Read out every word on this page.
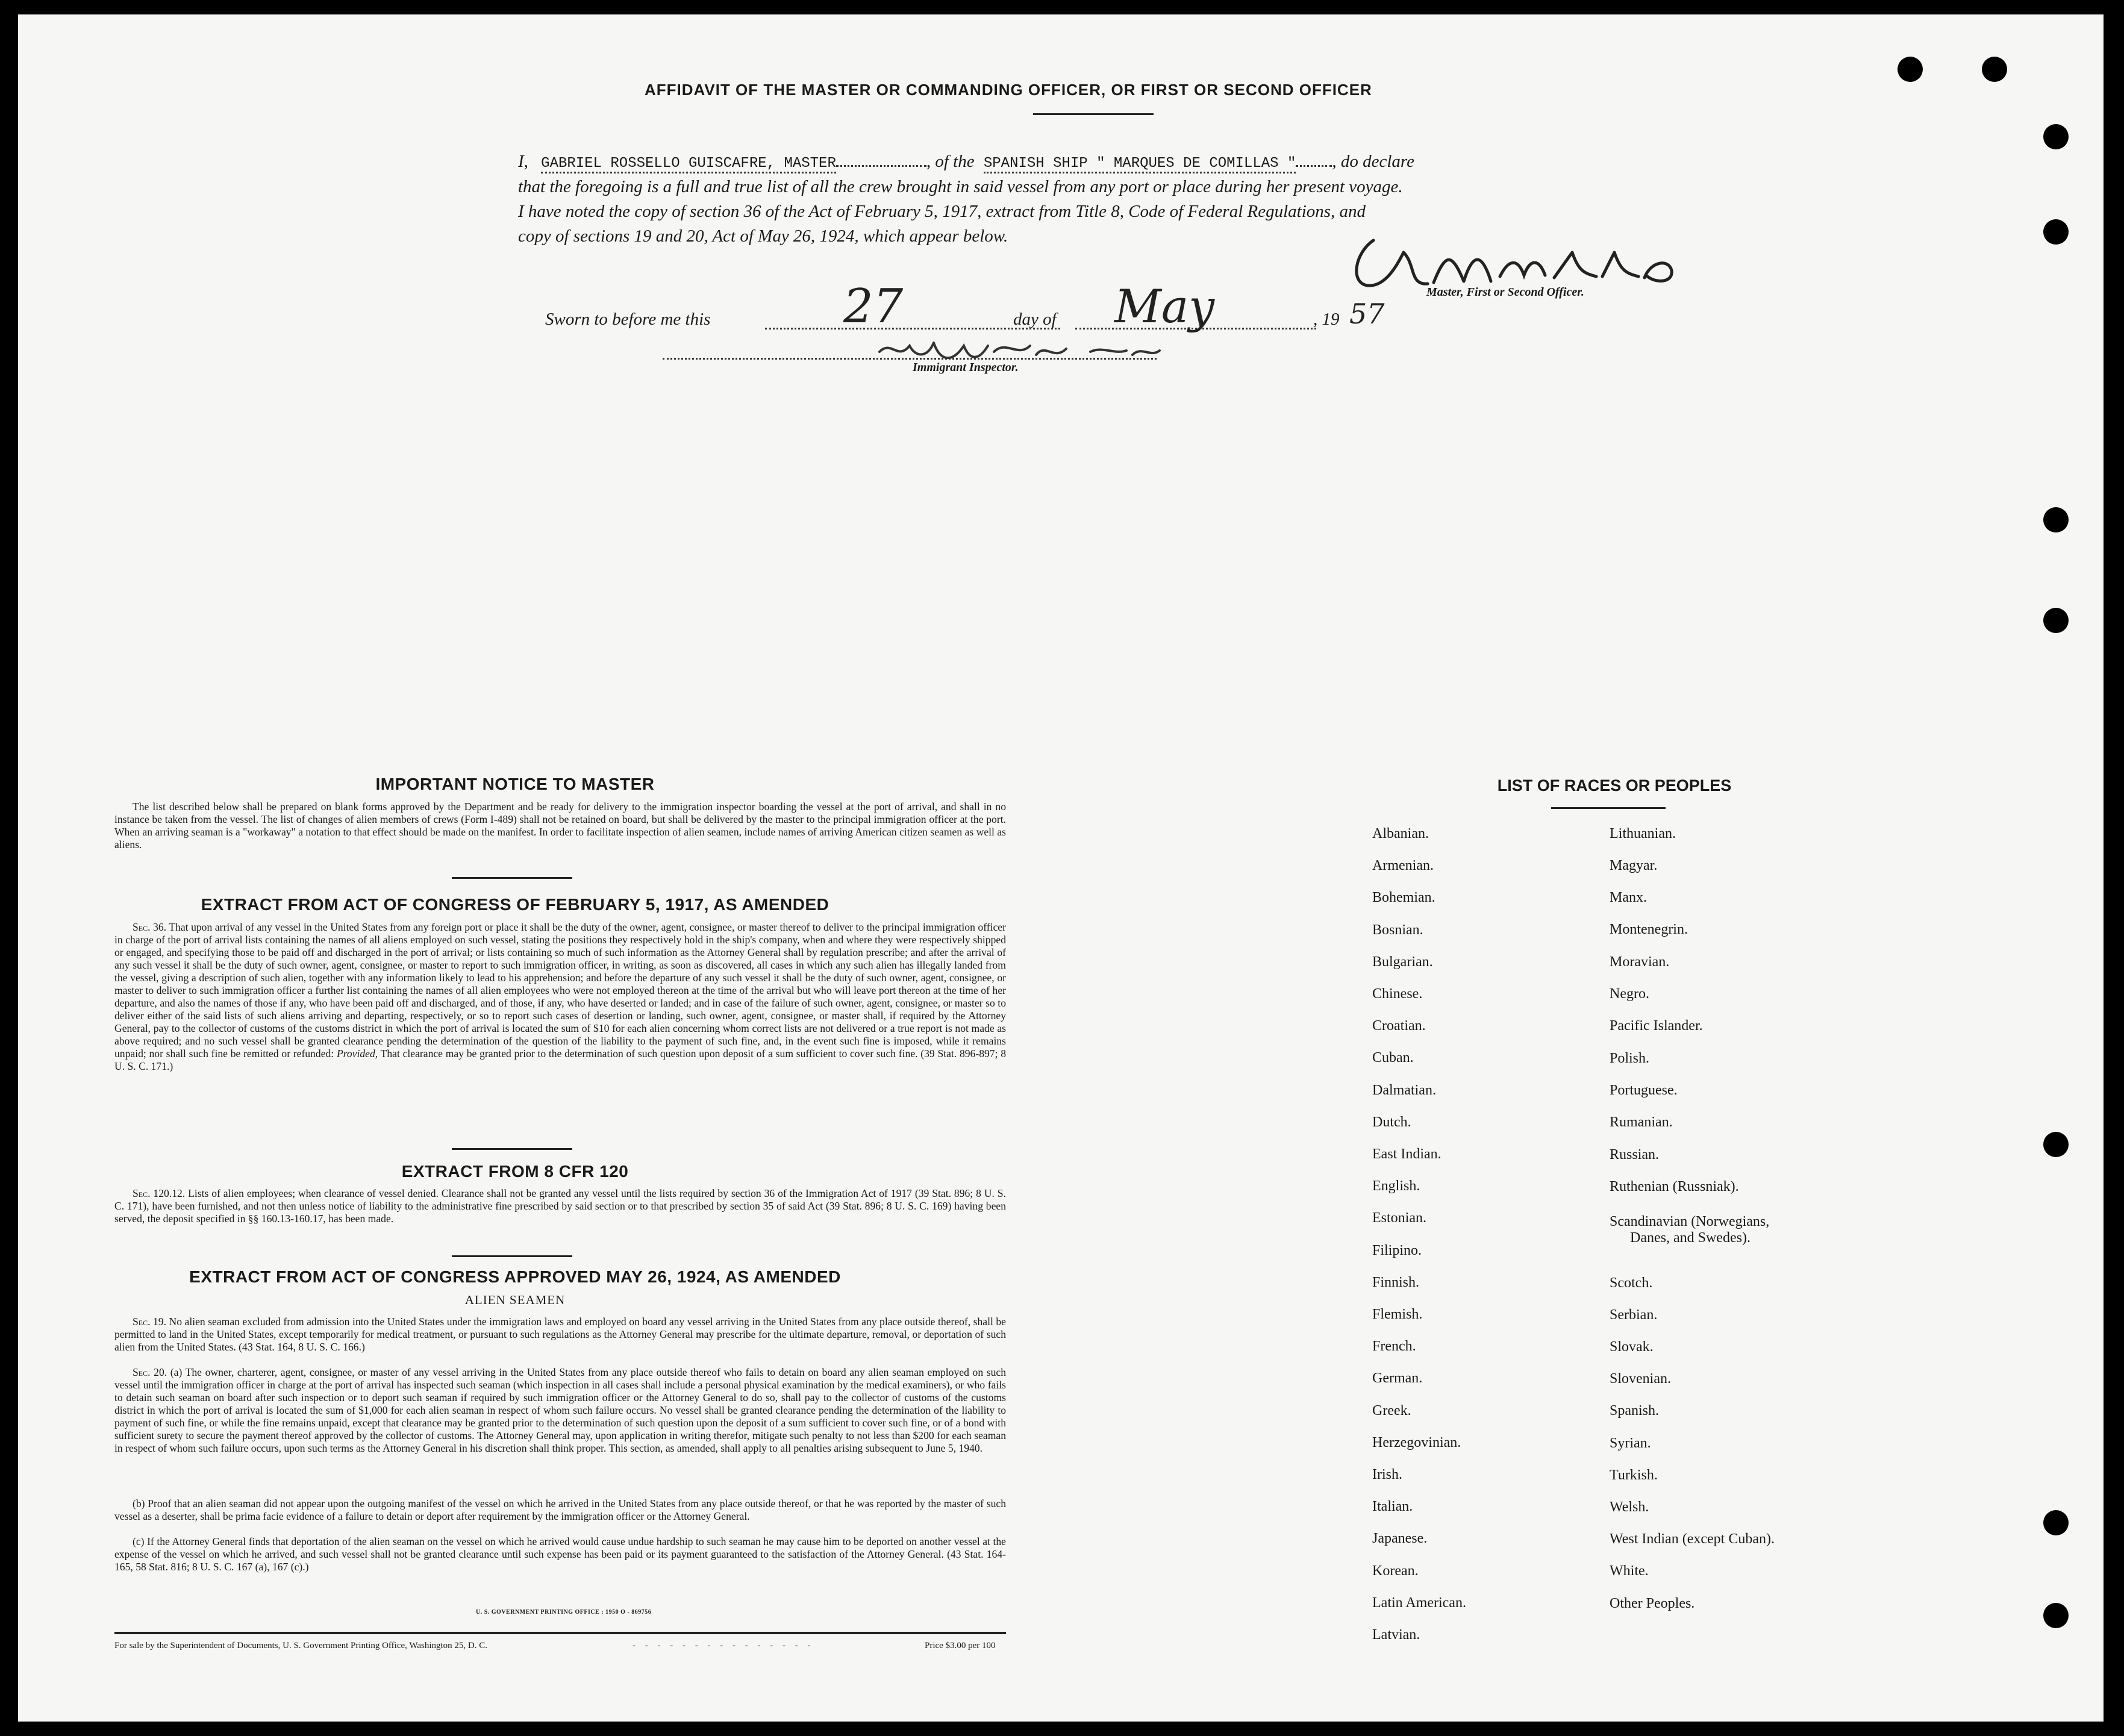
AFFIDAVIT OF THE MASTER OR COMMANDING OFFICER, OR FIRST OR SECOND OFFICER
I, GABRIEL ROSSELLO GUISCAFRE, MASTER	, of the SPANISH SHIP " MARQUES DE COMILLAS " , do declare
that the foregoing is a full and true list of all the crew brought in said vessel from any port or place during her present voyage.
I have noted the copy of section 36 of the Act of February 5, 1917, extract from Title 8, Code of Federal Regulations, and
copy of sections 19 and 20, Act of May 26, 1924, which appear below.
Master, First or Second Officer.
Sworn to before me this	27	day of May	, 19 57
Immigrant Inspector.
IMPORTANT NOTICE TO MASTER
The list described below shall be prepared on blank forms approved by the Department and be ready for delivery to the immigration inspector boarding the vessel at the port of arrival, and shall in no instance be taken from the vessel. The list of changes of alien members of crews (Form I-489) shall not be retained on board, but shall be delivered by the master to the principal immigration officer at the port. When an arriving seaman is a "workaway" a notation to that effect should be made on the manifest. In order to facilitate inspection of alien seamen, include names of arriving American citizen seamen as well as aliens.
EXTRACT FROM ACT OF CONGRESS OF FEBRUARY 5, 1917, AS AMENDED
Sec. 36. That upon arrival of any vessel in the United States from any foreign port or place it shall be the duty of the owner, agent, consignee, or master thereof to deliver to the principal immigration officer in charge of the port of arrival lists containing the names of all aliens employed on such vessel, stating the positions they respectively hold in the ship's company, when and where they were respectively shipped or engaged, and specifying those to be paid off and discharged in the port of arrival; or lists containing so much of such information as the Attorney General shall by regulation prescribe; and after the arrival of any such vessel it shall be the duty of such owner, agent, consignee, or master to report to such immigration officer, in writing, as soon as discovered, all cases in which any such alien has illegally landed from the vessel, giving a description of such alien, together with any information likely to lead to his apprehension; and before the departure of any such vessel it shall be the duty of such owner, agent, consignee, or master to deliver to such immigration officer a further list containing the names of all alien employees who were not employed thereon at the time of the arrival but who will leave port thereon at the time of her departure, and also the names of those if any, who have been paid off and discharged, and of those, if any, who have deserted or landed; and in case of the failure of such owner, agent, consignee, or master so to deliver either of the said lists of such aliens arriving and departing, respectively, or so to report such cases of desertion or landing, such owner, agent, consignee, or master shall, if required by the Attorney General, pay to the collector of customs of the customs district in which the port of arrival is located the sum of $10 for each alien concerning whom correct lists are not delivered or a true report is not made as above required; and no such vessel shall be granted clearance pending the determination of the question of the liability to the payment of such fine, and, in the event such fine is imposed, while it remains unpaid; nor shall such fine be remitted or refunded: Provided, That clearance may be granted prior to the determination of such question upon deposit of a sum sufficient to cover such fine. (39 Stat. 896-897; 8 U. S. C. 171.)
EXTRACT FROM 8 CFR 120
Sec. 120.12. Lists of alien employees; when clearance of vessel denied. Clearance shall not be granted any vessel until the lists required by section 36 of the Immigration Act of 1917 (39 Stat. 896; 8 U. S. C. 171), have been furnished, and not then unless notice of liability to the administrative fine prescribed by said section or to that prescribed by section 35 of said Act (39 Stat. 896; 8 U. S. C. 169) having been served, the deposit specified in §§ 160.13-160.17, has been made.
EXTRACT FROM ACT OF CONGRESS APPROVED MAY 26, 1924, AS AMENDED
ALIEN SEAMEN
Sec. 19. No alien seaman excluded from admission into the United States under the immigration laws and employed on board any vessel arriving in the United States from any place outside thereof, shall be permitted to land in the United States, except temporarily for medical treatment, or pursuant to such regulations as the Attorney General may prescribe for the ultimate departure, removal, or deportation of such alien from the United States. (43 Stat. 164, 8 U. S. C. 166.)
Sec. 20. (a) The owner, charterer, agent, consignee, or master of any vessel arriving in the United States from any place outside thereof who fails to detain on board any alien seaman employed on such vessel until the immigration officer in charge at the port of arrival has inspected such seaman (which inspection in all cases shall include a personal physical examination by the medical examiners), or who fails to detain such seaman on board after such inspection or to deport such seaman if required by such immigration officer or the Attorney General to do so, shall pay to the collector of customs of the customs district in which the port of arrival is located the sum of $1,000 for each alien seaman in respect of whom such failure occurs. No vessel shall be granted clearance pending the determination of the liability to payment of such fine, or while the fine remains unpaid, except that clearance may be granted prior to the determination of such question upon the deposit of a sum sufficient to cover such fine, or of a bond with sufficient surety to secure the payment thereof approved by the collector of customs. The Attorney General may, upon application in writing therefor, mitigate such penalty to not less than $200 for each seaman in respect of whom such failure occurs, upon such terms as the Attorney General in his discretion shall think proper. This section, as amended, shall apply to all penalties arising subsequent to June 5, 1940.
(b) Proof that an alien seaman did not appear upon the outgoing manifest of the vessel on which he arrived in the United States from any place outside thereof, or that he was reported by the master of such vessel as a deserter, shall be prima facie evidence of a failure to detain or deport after requirement by the immigration officer or the Attorney General.
(c) If the Attorney General finds that deportation of the alien seaman on the vessel on which he arrived would cause undue hardship to such seaman he may cause him to be deported on another vessel at the expense of the vessel on which he arrived, and such vessel shall not be granted clearance until such expense has been paid or its payment guaranteed to the satisfaction of the Attorney General. (43 Stat. 164-165, 58 Stat. 816; 8 U. S. C. 167 (a), 167 (c).)
U. S. GOVERNMENT PRINTING OFFICE : 1950 O - 869756
For sale by the Superintendent of Documents, U. S. Government Printing Office, Washington 25, D. C.	- - - - - - - - - - - - - - -	Price $3.00 per 100
LIST OF RACES OR PEOPLES
Albanian.
Armenian.
Bohemian.
Bosnian.
Bulgarian.
Chinese.
Croatian.
Cuban.
Dalmatian.
Dutch.
East Indian.
English.
Estonian.
Filipino.
Finnish.
Flemish.
French.
German.
Greek.
Herzegovinian.
Irish.
Italian.
Japanese.
Korean.
Latin American.
Latvian.
Lithuanian.
Magyar.
Manx.
Montenegrin.
Moravian.
Negro.
Pacific Islander.
Polish.
Portuguese.
Rumanian.
Russian.
Ruthenian (Russniak).
Scandinavian (Norwegians,
Danes, and Swedes).
Scotch.
Serbian.
Slovak.
Slovenian.
Spanish.
Syrian.
Turkish.
Welsh.
West Indian (except Cuban).
White.
Other Peoples.
